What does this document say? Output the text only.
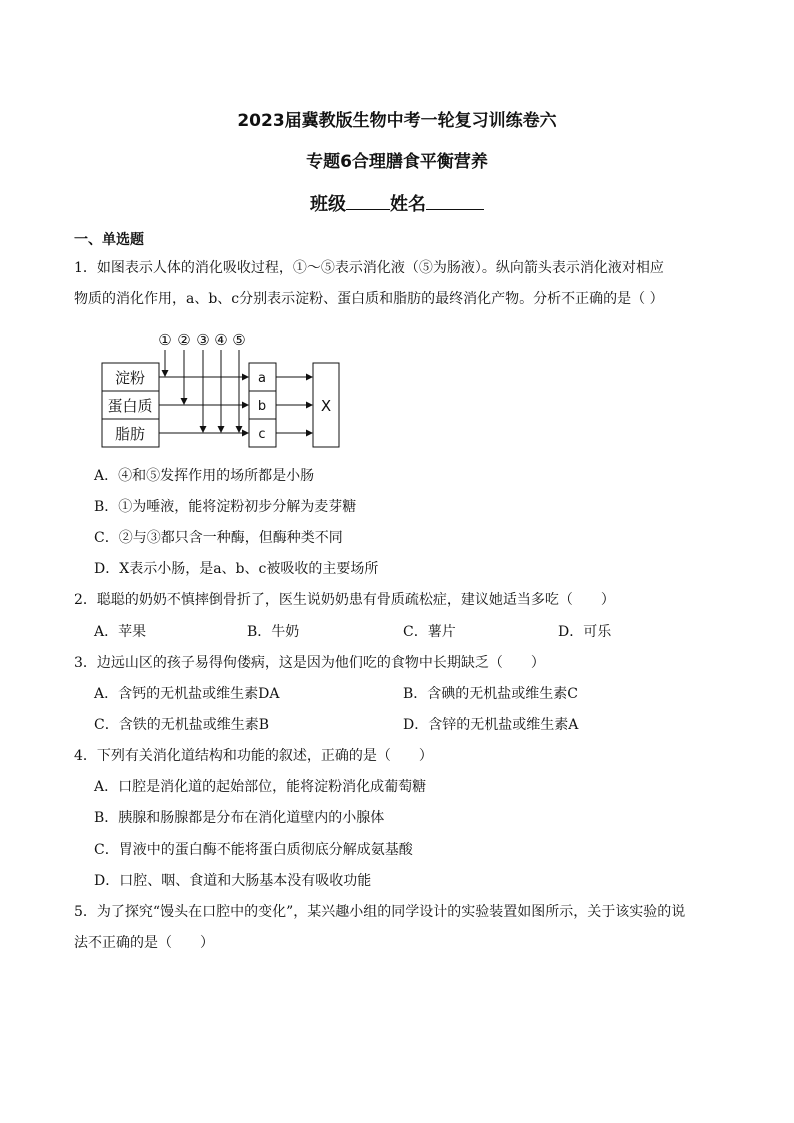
2023届冀教版生物中考一轮复习训练卷六
专题6合理膳食平衡营养
班级 姓名
一、单选题
1．如图表示人体的消化吸收过程，①～⑤表示消化液（⑤为肠液）。纵向箭头表示消化液对相应
物质的消化作用，a、b、c分别表示淀粉、蛋白质和脂肪的最终消化产物。分析不正确的是（ ）
① ② ③ ④ ⑤
淀粉
蛋白质
脂肪
a
b
c
X
A．④和⑤发挥作用的场所都是小肠
B．①为唾液，能将淀粉初步分解为麦芽糖
C．②与③都只含一种酶，但酶种类不同
D．X表示小肠，是a、b、c被吸收的主要场所
2．聪聪的奶奶不慎摔倒骨折了，医生说奶奶患有骨质疏松症，建议她适当多吃（　　）
A．苹果	B．牛奶	C．薯片	D．可乐
3．边远山区的孩子易得佝偻病，这是因为他们吃的食物中长期缺乏（　　）
A．含钙的无机盐或维生素DA	B．含碘的无机盐或维生素C
C．含铁的无机盐或维生素B	D．含锌的无机盐或维生素A
4．下列有关消化道结构和功能的叙述，正确的是（　　）
A．口腔是消化道的起始部位，能将淀粉消化成葡萄糖
B．胰腺和肠腺都是分布在消化道壁内的小腺体
C．胃液中的蛋白酶不能将蛋白质彻底分解成氨基酸
D．口腔、咽、食道和大肠基本没有吸收功能
5．为了探究“馒头在口腔中的变化”，某兴趣小组的同学设计的实验装置如图所示，关于该实验的说
法不正确的是（　　）
